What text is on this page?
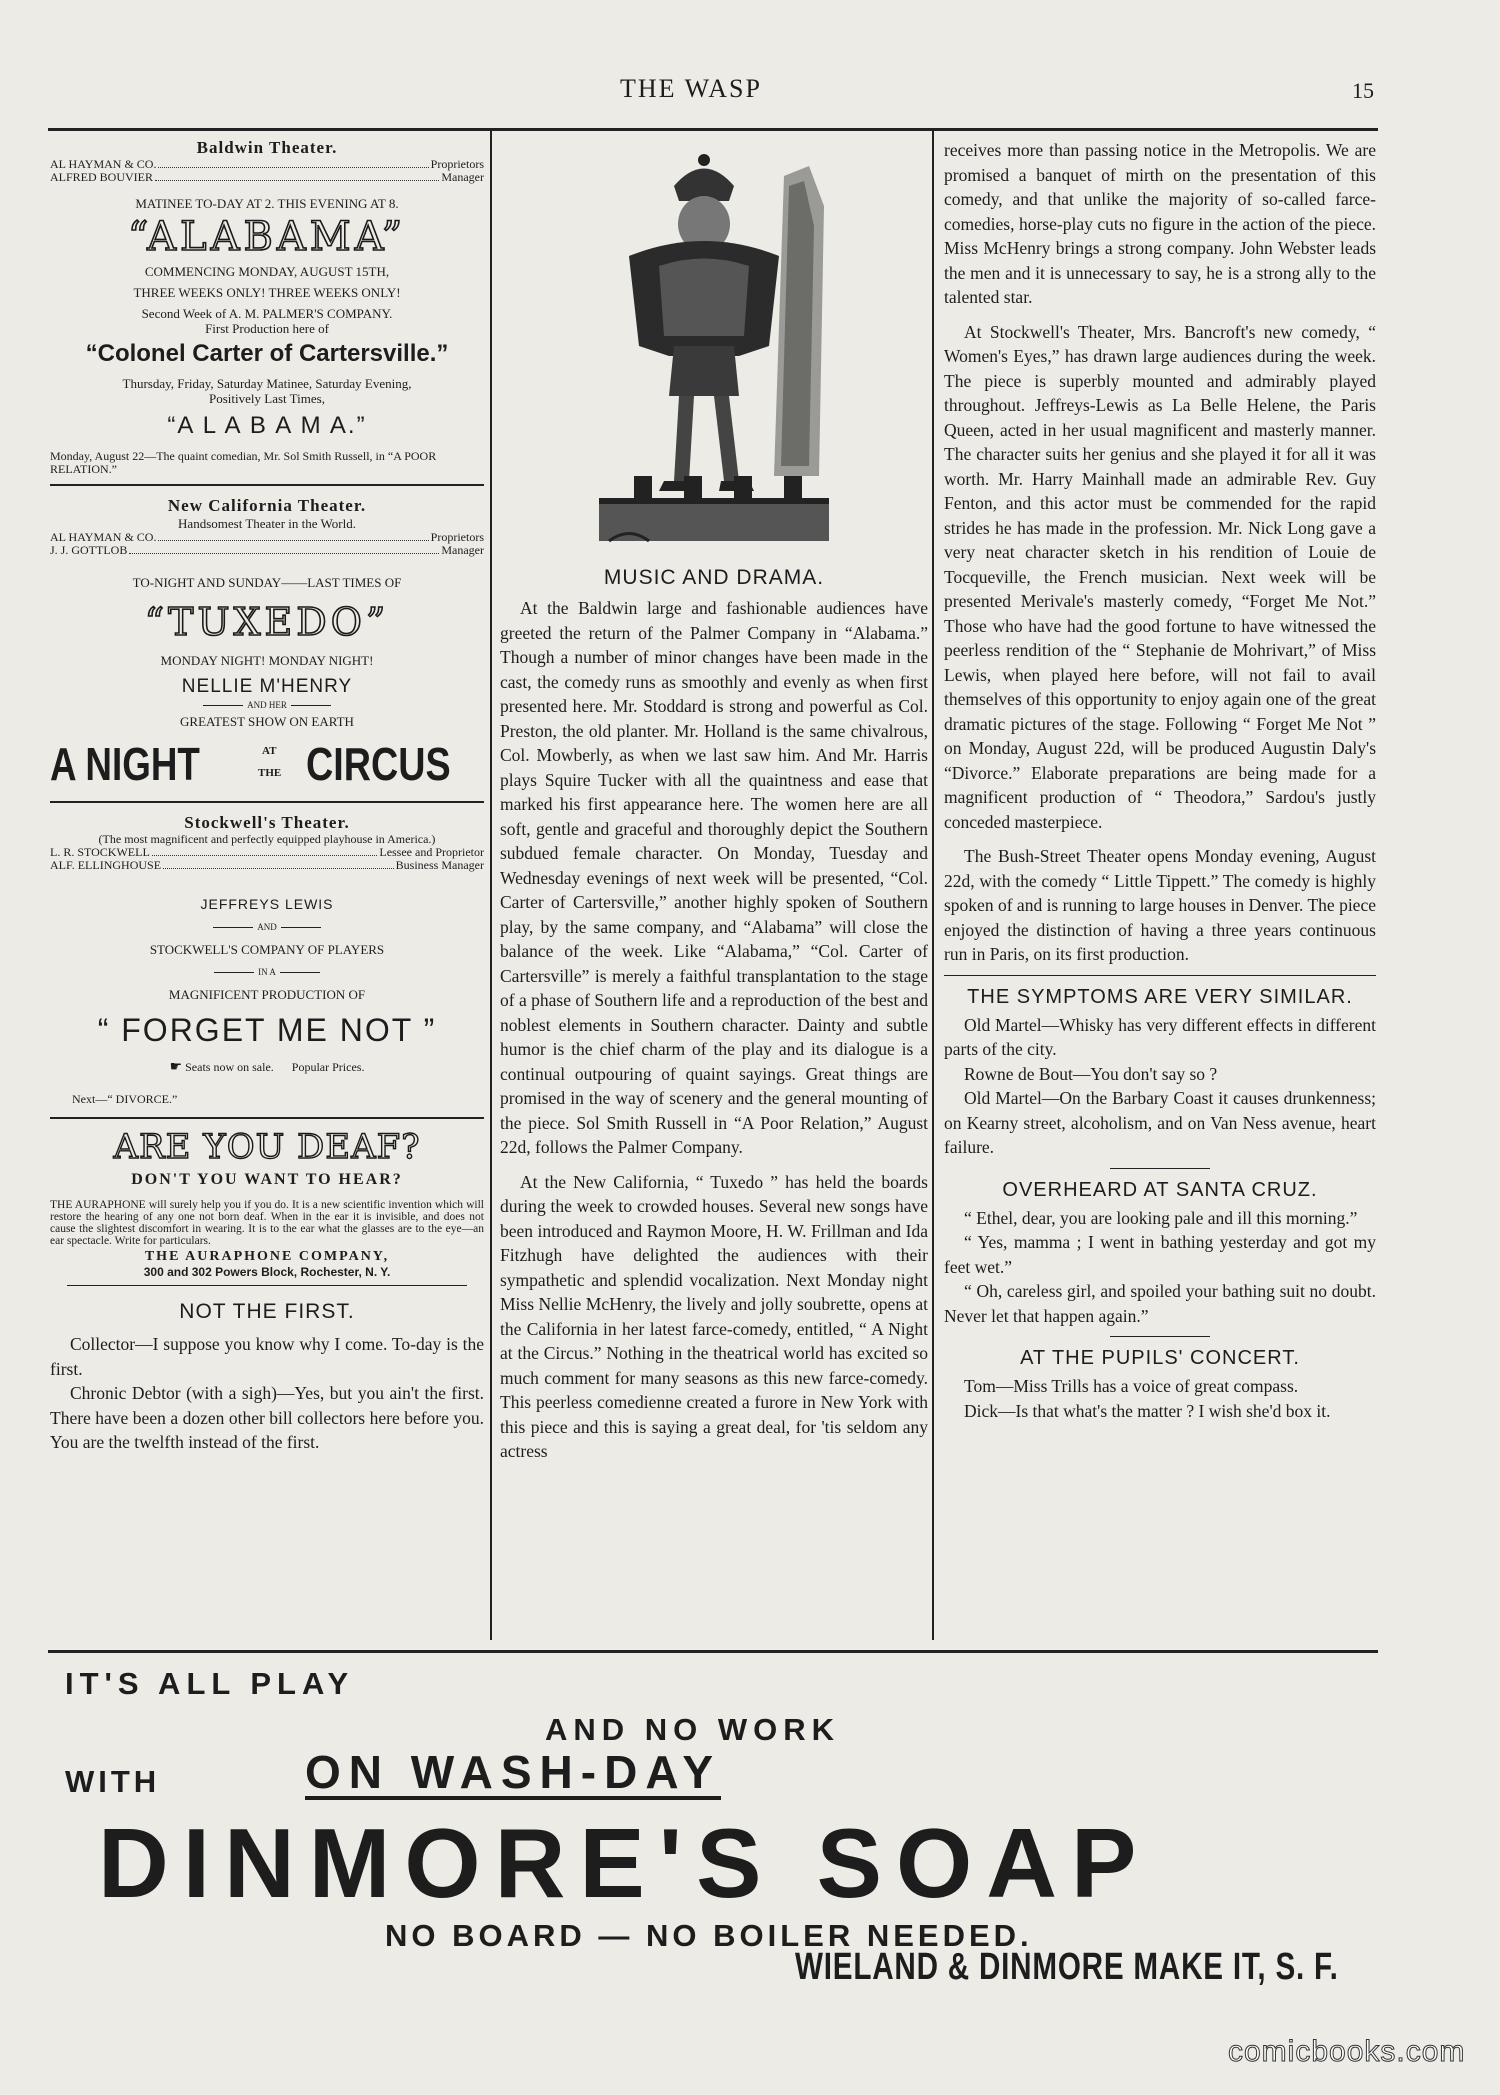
THE WASP	15
Baldwin Theater.
AL HAYMAN & CO.	Proprietors
ALFRED BOUVIER	Manager
MATINEE TO-DAY AT 2. THIS EVENING AT 8.
“ALABAMA”
COMMENCING MONDAY, AUGUST 15TH,
THREE WEEKS ONLY! THREE WEEKS ONLY!
Second Week of A. M. PALMER'S COMPANY.
First Production here of
“Colonel Carter of Cartersville.”
Thursday, Friday, Saturday Matinee, Saturday Evening,
Positively Last Times,
“A L A B A M A.”
Monday, August 22—The quaint comedian, Mr. Sol Smith Russell, in “A POOR RELATION.”
New California Theater.
Handsomest Theater in the World.
AL HAYMAN & CO.	Proprietors
J. J. GOTTLOB	Manager
TO-NIGHT AND SUNDAY——LAST TIMES OF
“TUXEDO”
MONDAY NIGHT! MONDAY NIGHT!
NELLIE M'HENRY
AND HER
GREATEST SHOW ON EARTH
A NIGHT	AT
THE CIRCUS
Stockwell's Theater.
(The most magnificent and perfectly equipped playhouse in America.)
L. R. STOCKWELL	Lessee and Proprietor
ALF. ELLINGHOUSE	Business Manager
JEFFREYS LEWIS
AND
STOCKWELL'S COMPANY OF PLAYERS
IN A
MAGNIFICENT PRODUCTION OF
“ FORGET ME NOT ”
☛ Seats now on sale. Popular Prices.
Next—“ DIVORCE.”
ARE YOU DEAF?
DON'T YOU WANT TO HEAR?
THE AURAPHONE will surely help you if you do. It is a new scientific invention which will restore the hearing of any one not born deaf. When in the ear it is invisible, and does not cause the slightest discomfort in wearing. It is to the ear what the glasses are to the eye—an ear spectacle. Write for particulars.
THE AURAPHONE COMPANY,
300 and 302 Powers Block, Rochester, N. Y.
NOT THE FIRST.

Collector—I suppose you know why I come. To-day is the first.

Chronic Debtor (with a sigh)—Yes, but you ain't the first. There have been a dozen other bill collectors here before you. You are the twelfth instead of the first.

MUSIC AND DRAMA.

At the Baldwin large and fashionable audiences have greeted the return of the Palmer Company in “Alabama.” Though a number of minor changes have been made in the cast, the comedy runs as smoothly and evenly as when first presented here. Mr. Stoddard is strong and powerful as Col. Preston, the old planter. Mr. Holland is the same chivalrous, Col. Mowberly, as when we last saw him. And Mr. Harris plays Squire Tucker with all the quaintness and ease that marked his first appearance here. The women here are all soft, gentle and graceful and thoroughly depict the Southern subdued female character. On Monday, Tuesday and Wednesday evenings of next week will be presented, “Col. Carter of Cartersville,” another highly spoken of Southern play, by the same company, and “Alabama” will close the balance of the week. Like “Alabama,” “Col. Carter of Cartersville” is merely a faithful transplantation to the stage of a phase of Southern life and a reproduction of the best and noblest elements in Southern character. Dainty and subtle humor is the chief charm of the play and its dialogue is a continual outpouring of quaint sayings. Great things are promised in the way of scenery and the general mounting of the piece. Sol Smith Russell in “A Poor Relation,” August 22d, follows the Palmer Company.

At the New California, “ Tuxedo ” has held the boards during the week to crowded houses. Several new songs have been introduced and Raymon Moore, H. W. Frillman and Ida Fitzhugh have delighted the audiences with their sympathetic and splendid vocalization. Next Monday night Miss Nellie McHenry, the lively and jolly soubrette, opens at the California in her latest farce-comedy, entitled, “ A Night at the Circus.” Nothing in the theatrical world has excited so much comment for many seasons as this new farce-comedy. This peerless comedienne created a furore in New York with this piece and this is saying a great deal, for 'tis seldom any actress

receives more than passing notice in the Metropolis. We are promised a banquet of mirth on the presentation of this comedy, and that unlike the majority of so-called farce-comedies, horse-play cuts no figure in the action of the piece. Miss McHenry brings a strong company. John Webster leads the men and it is unnecessary to say, he is a strong ally to the talented star.

At Stockwell's Theater, Mrs. Bancroft's new comedy, “ Women's Eyes,” has drawn large audiences during the week. The piece is superbly mounted and admirably played throughout. Jeffreys-Lewis as La Belle Helene, the Paris Queen, acted in her usual magnificent and masterly manner. The character suits her genius and she played it for all it was worth. Mr. Harry Mainhall made an admirable Rev. Guy Fenton, and this actor must be commended for the rapid strides he has made in the profession. Mr. Nick Long gave a very neat character sketch in his rendition of Louie de Tocqueville, the French musician. Next week will be presented Merivale's masterly comedy, “Forget Me Not.” Those who have had the good fortune to have witnessed the peerless rendition of the “ Stephanie de Mohrivart,” of Miss Lewis, when played here before, will not fail to avail themselves of this opportunity to enjoy again one of the great dramatic pictures of the stage. Following “ Forget Me Not ” on Monday, August 22d, will be produced Augustin Daly's “Divorce.” Elaborate preparations are being made for a magnificent production of “ Theodora,” Sardou's justly conceded masterpiece.

The Bush-Street Theater opens Monday evening, August 22d, with the comedy “ Little Tippett.” The comedy is highly spoken of and is running to large houses in Denver. The piece enjoyed the distinction of having a three years continuous run in Paris, on its first production.

THE SYMPTOMS ARE VERY SIMILAR.

Old Martel—Whisky has very different effects in different parts of the city.

Rowne de Bout—You don't say so ?

Old Martel—On the Barbary Coast it causes drunkenness; on Kearny street, alcoholism, and on Van Ness avenue, heart failure.

OVERHEARD AT SANTA CRUZ.

“ Ethel, dear, you are looking pale and ill this morning.”

“ Yes, mamma ; I went in bathing yesterday and got my feet wet.”

“ Oh, careless girl, and spoiled your bathing suit no doubt. Never let that happen again.”

AT THE PUPILS' CONCERT.

Tom—Miss Trills has a voice of great compass.

Dick—Is that what's the matter ? I wish she'd box it.

IT'S ALL PLAY
AND NO WORK
WITH	ON WASH-DAY
DINMORE'S SOAP
NO BOARD — NO BOILER NEEDED.
WIELAND & DINMORE MAKE IT, S. F.
comicbooks.com
